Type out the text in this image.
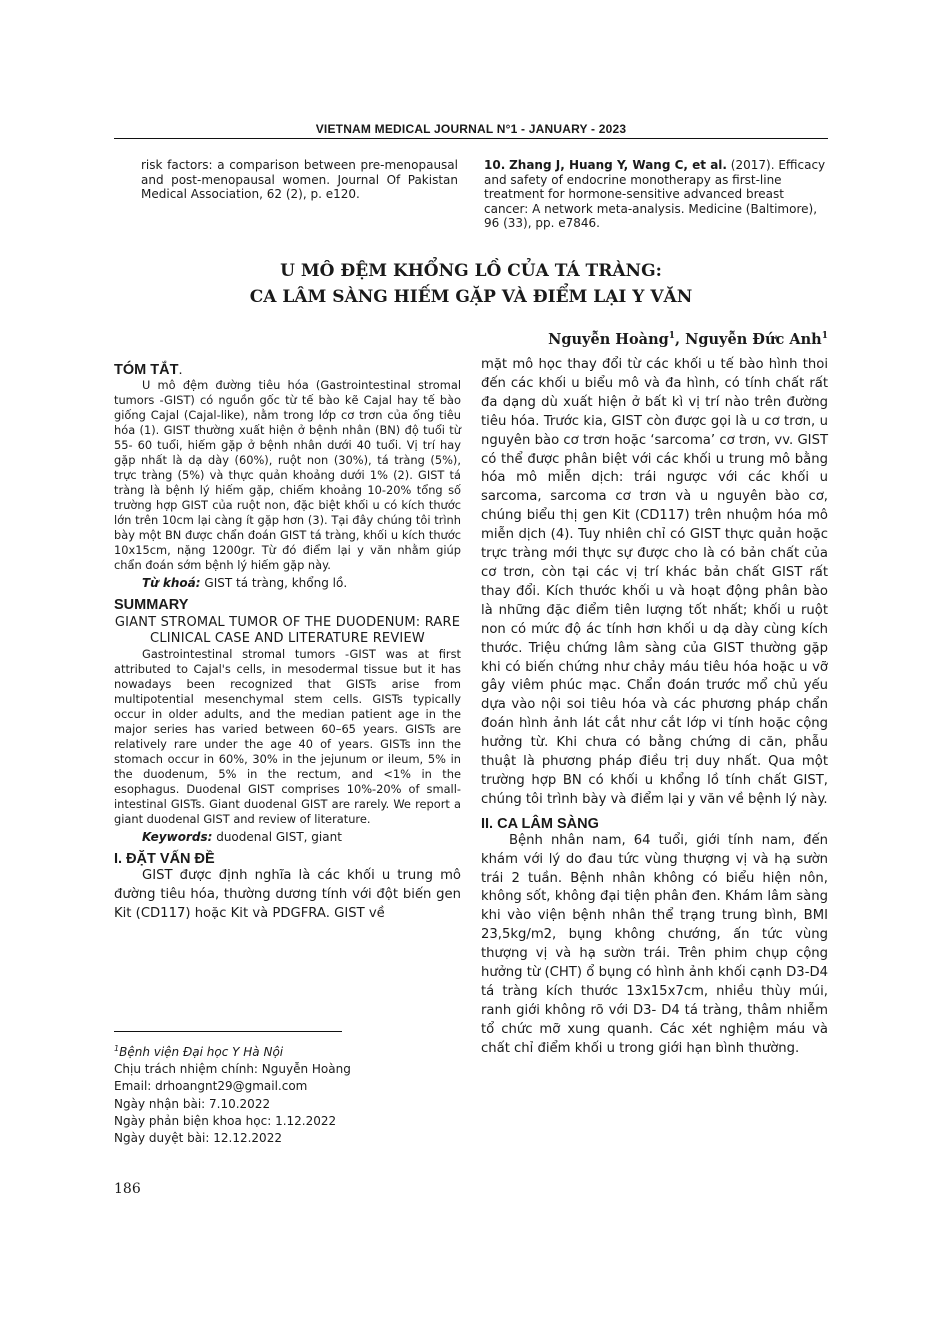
VIETNAM MEDICAL JOURNAL N°1 - JANUARY - 2023
risk factors: a comparison between pre-menopausal and post-menopausal women. Journal Of Pakistan Medical Association, 62 (2), p. e120.
10. Zhang J, Huang Y, Wang C, et al. (2017). Efficacy and safety of endocrine monotherapy as first-line treatment for hormone-sensitive advanced breast cancer: A network meta-analysis. Medicine (Baltimore), 96 (33), pp. e7846.
U MÔ ĐỆM KHỔNG LỒ CỦA TÁ TRÀNG:
CA LÂM SÀNG HIẾM GẶP VÀ ĐIỂM LẠI Y VĂN
Nguyễn Hoàng$^1$, Nguyễn Đức Anh$^1$
TÓM TẮT.

U mô đệm đường tiêu hóa (Gastrointestinal stromal tumors -GIST) có nguồn gốc từ tế bào kẽ Cajal hay tế bào giống Cajal (Cajal-like), nằm trong lớp cơ trơn của ống tiêu hóa (1). GIST thường xuất hiện ở bệnh nhân (BN) độ tuổi từ 55- 60 tuổi, hiếm gặp ở bệnh nhân dưới 40 tuổi. Vị trí hay gặp nhất là dạ dày (60%), ruột non (30%), tá tràng (5%), trực tràng (5%) và thực quản khoảng dưới 1% (2). GIST tá tràng là bệnh lý hiếm gặp, chiếm khoảng 10-20% tổng số trường hợp GIST của ruột non, đặc biệt khối u có kích thước lớn trên 10cm lại càng ít gặp hơn (3). Tại đây chúng tôi trình bày một BN được chẩn đoán GIST tá tràng, khối u kích thước 10x15cm, nặng 1200gr. Từ đó điểm lại y văn nhằm giúp chẩn đoán sớm bệnh lý hiếm gặp này.

Từ khoá: GIST tá tràng, khổng lồ.

SUMMARY

GIANT STROMAL TUMOR OF THE DUODENUM: RARE CLINICAL CASE AND LITERATURE REVIEW

Gastrointestinal stromal tumors -GIST was at first attributed to Cajal's cells, in mesodermal tissue but it has nowadays been recognized that GISTs arise from multipotential mesenchymal stem cells. GISTs typically occur in older adults, and the median patient age in the major series has varied between 60–65 years. GISTs are relatively rare under the age 40 of years. GISTs inn the stomach occur in 60%, 30% in the jejunum or ileum, 5% in the duodenum, 5% in the rectum, and <1% in the esophagus. Duodenal GIST comprises 10%-20% of small-intestinal GISTs. Giant duodenal GIST are rarely. We report a giant duodenal GIST and review of literature.

Keywords: duodenal GIST, giant

I. ĐẶT VẤN ĐỀ

GIST được định nghĩa là các khối u trung mô đường tiêu hóa, thường dương tính với đột biến gen Kit (CD117) hoặc Kit và PDGFRA. GIST về

mặt mô học thay đổi từ các khối u tế bào hình thoi đến các khối u biểu mô và đa hình, có tính chất rất đa dạng dù xuất hiện ở bất kì vị trí nào trên đường tiêu hóa. Trước kia, GIST còn được gọi là u cơ trơn, u nguyên bào cơ trơn hoặc ‘sarcoma’ cơ trơn, vv. GIST có thể được phân biệt với các khối u trung mô bằng hóa mô miễn dịch: trái ngược với các khối u sarcoma, sarcoma cơ trơn và u nguyên bào cơ, chúng biểu thị gen Kit (CD117) trên nhuộm hóa mô miễn dịch (4). Tuy nhiên chỉ có GIST thực quản hoặc trực tràng mới thực sự được cho là có bản chất của cơ trơn, còn tại các vị trí khác bản chất GIST rất thay đổi. Kích thước khối u và hoạt động phân bào là những đặc điểm tiên lượng tốt nhất; khối u ruột non có mức độ ác tính hơn khối u dạ dày cùng kích thước. Triệu chứng lâm sàng của GIST thường gặp khi có biến chứng như chảy máu tiêu hóa hoặc u vỡ gây viêm phúc mạc. Chẩn đoán trước mổ chủ yếu dựa vào nội soi tiêu hóa và các phương pháp chẩn đoán hình ảnh lát cắt như cắt lớp vi tính hoặc cộng hưởng từ. Khi chưa có bằng chứng di căn, phẫu thuật là phương pháp điều trị duy nhất. Qua một trường hợp BN có khối u khổng lồ tính chất GIST, chúng tôi trình bày và điểm lại y văn về bệnh lý này.

II. CA LÂM SÀNG

Bệnh nhân nam, 64 tuổi, giới tính nam, đến khám với lý do đau tức vùng thượng vị và hạ sườn trái 2 tuần. Bệnh nhân không có biểu hiện nôn, không sốt, không đại tiện phân đen. Khám lâm sàng khi vào viện bệnh nhân thể trạng trung bình, BMI 23,5kg/m2, bụng không chướng, ấn tức vùng thượng vị và hạ sườn trái. Trên phim chụp cộng hưởng từ (CHT) ổ bụng có hình ảnh khối cạnh D3-D4 tá tràng kích thước 13x15x7cm, nhiều thùy múi, ranh giới không rõ với D3- D4 tá tràng, thâm nhiễm tổ chức mỡ xung quanh. Các xét nghiệm máu và chất chỉ điểm khối u trong giới hạn bình thường.

$^1$Bệnh viện Đại học Y Hà Nội
Chịu trách nhiệm chính: Nguyễn Hoàng
Email: drhoangnt29@gmail.com
Ngày nhận bài: 7.10.2022
Ngày phản biện khoa học: 1.12.2022
Ngày duyệt bài: 12.12.2022
186
